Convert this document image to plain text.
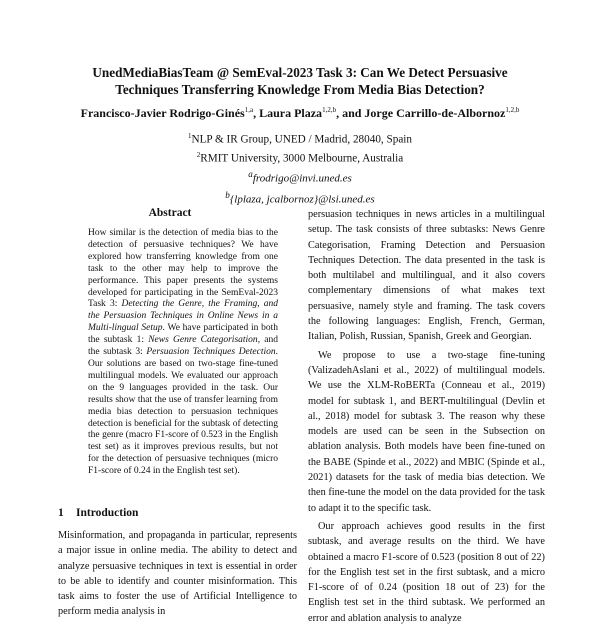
UnedMediaBiasTeam @ SemEval-2023 Task 3: Can We Detect Persuasive
Techniques Transferring Knowledge From Media Bias Detection?
Francisco-Javier Rodrigo-Ginés$^{1,a}$, Laura Plaza$^{1,2,b}$, and Jorge Carrillo-de-Albornoz$^{1,2,b}$
$^1$NLP & IR Group, UNED / Madrid, 28040, Spain
$^2$RMIT University, 3000 Melbourne, Australia
$^a$frodrigo@invi.uned.es
$^b${lplaza, jcalbornoz}@lsi.uned.es
Abstract
How similar is the detection of media bias to the detection of persuasive techniques? We have explored how transferring knowledge from one task to the other may help to improve the performance. This paper presents the systems developed for participating in the SemEval-2023 Task 3: Detecting the Genre, the Framing, and the Persuasion Techniques in Online News in a Multi-lingual Setup. We have participated in both the subtask 1: News Genre Categorisation, and the subtask 3: Persuasion Techniques Detection. Our solutions are based on two-stage fine-tuned multilingual models. We evaluated our approach on the 9 languages provided in the task. Our results show that the use of transfer learning from media bias detection to persuasion techniques detection is beneficial for the subtask of detecting the genre (macro F1-score of 0.523 in the English test set) as it improves previous results, but not for the detection of persuasive techniques (micro F1-score of 0.24 in the English test set).
1 Introduction
Misinformation, and propaganda in particular, represents a major issue in online media. The ability to detect and analyze persuasive techniques in text is essential in order to be able to identify and counter misinformation. This task aims to foster the use of Artificial Intelligence to perform media analysis in

persuasion techniques in news articles in a multilingual setup. The task consists of three subtasks: News Genre Categorisation, Framing Detection and Persuasion Techniques Detection. The data presented in the task is both multilabel and multilingual, and it also covers complementary dimensions of what makes text persuasive, namely style and framing. The task covers the following languages: English, French, German, Italian, Polish, Russian, Spanish, Greek and Georgian.

We propose to use a two-stage fine-tuning (ValizadehAslani et al., 2022) of multilingual models. We use the XLM-RoBERTa (Conneau et al., 2019) model for subtask 1, and BERT-multilingual (Devlin et al., 2018) model for subtask 3. The reason why these models are used can be seen in the Subsection on ablation analysis. Both models have been fine-tuned on the BABE (Spinde et al., 2022) and MBIC (Spinde et al., 2021) datasets for the task of media bias detection. We then fine-tune the model on the data provided for the task to adapt it to the specific task.

Our approach achieves good results in the first subtask, and average results on the third. We have obtained a macro F1-score of 0.523 (position 8 out of 22) for the English test set in the first subtask, and a micro F1-score of of 0.24 (position 18 out of 23) for the English test set in the third subtask. We performed an error and ablation analysis to analyze
